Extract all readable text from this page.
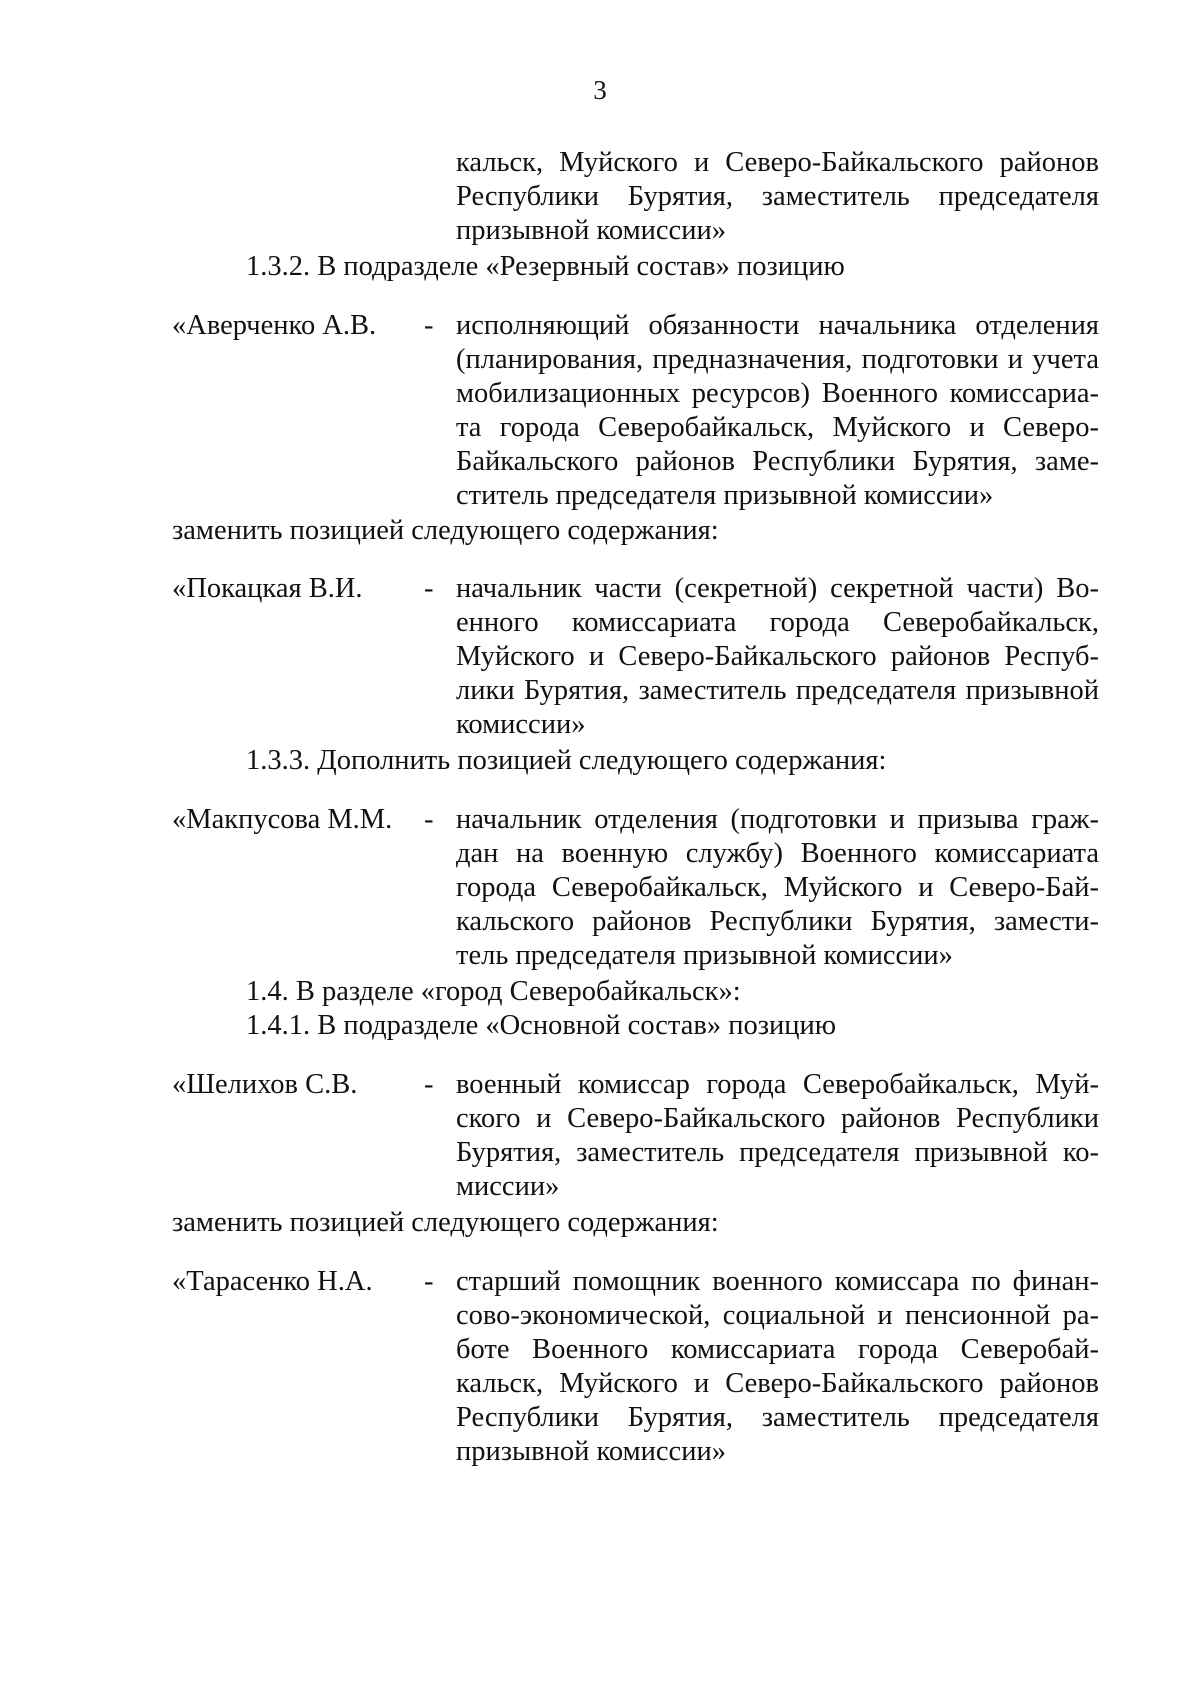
3
кальск, Муйского и Северо-Байкальского районов
Республики Бурятия, заместитель председателя
призывной комиссии»
1.3.2. В подразделе «Резервный состав» позицию
«Аверченко А.В. - исполняющий обязанности начальника отделения
(планирования, предназначения, подготовки и учета
мобилизационных ресурсов) Военного комиссариа-
та города Северобайкальск, Муйского и Северо-
Байкальского районов Республики Бурятия, заме-
ститель председателя призывной комиссии»
заменить позицией следующего содержания:
«Покацкая В.И. - начальник части (секретной) секретной части) Во-
енного комиссариата города Северобайкальск,
Муйского и Северо-Байкальского районов Респуб-
лики Бурятия, заместитель председателя призывной
комиссии»
1.3.3. Дополнить позицией следующего содержания:
«Макпусова М.М. - начальник отделения (подготовки и призыва граж-
дан на военную службу) Военного комиссариата
города Северобайкальск, Муйского и Северо-Бай-
кальского районов Республики Бурятия, замести-
тель председателя призывной комиссии»
1.4. В разделе «город Северобайкальск»:
1.4.1. В подразделе «Основной состав» позицию
«Шелихов С.В. - военный комиссар города Северобайкальск, Муй-
ского и Северо-Байкальского районов Республики
Бурятия, заместитель председателя призывной ко-
миссии»
заменить позицией следующего содержания:
«Тарасенко Н.А. - старший помощник военного комиссара по финан-
сово-экономической, социальной и пенсионной ра-
боте Военного комиссариата города Северобай-
кальск, Муйского и Северо-Байкальского районов
Республики Бурятия, заместитель председателя
призывной комиссии»
